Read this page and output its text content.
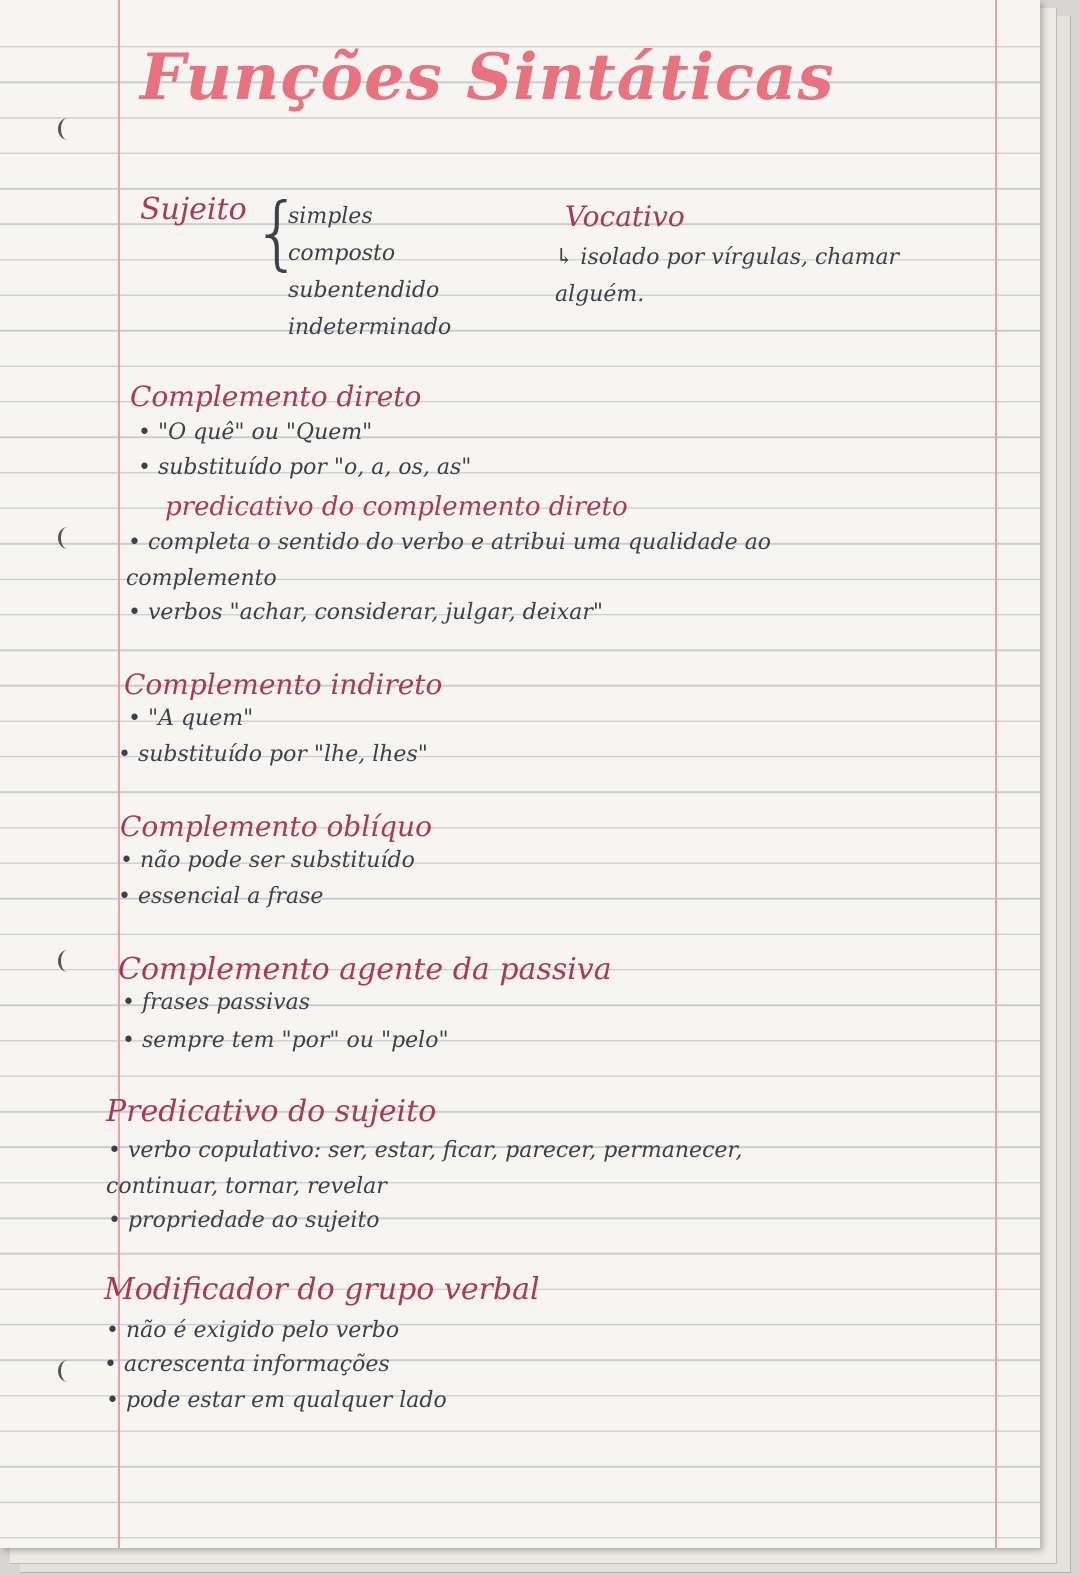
Funções Sintáticas
Sujeito {
simples
composto
subentendido
indeterminado
Vocativo
↳ isolado por vírgulas, chamar
alguém.
Complemento direto
• "O quê" ou "Quem"
• substituído por "o, a, os, as"
predicativo do complemento direto
• completa o sentido do verbo e atribui uma qualidade ao
complemento
• verbos "achar, considerar, julgar, deixar"
Complemento indireto
• "A quem"
• substituído por "lhe, lhes"
Complemento oblíquo
• não pode ser substituído
• essencial a frase
Complemento agente da passiva
• frases passivas
• sempre tem "por" ou "pelo"
Predicativo do sujeito
• verbo copulativo: ser, estar, ficar, parecer, permanecer,
continuar, tornar, revelar
• propriedade ao sujeito
Modificador do grupo verbal
• não é exigido pelo verbo
• acrescenta informações
• pode estar em qualquer lado
